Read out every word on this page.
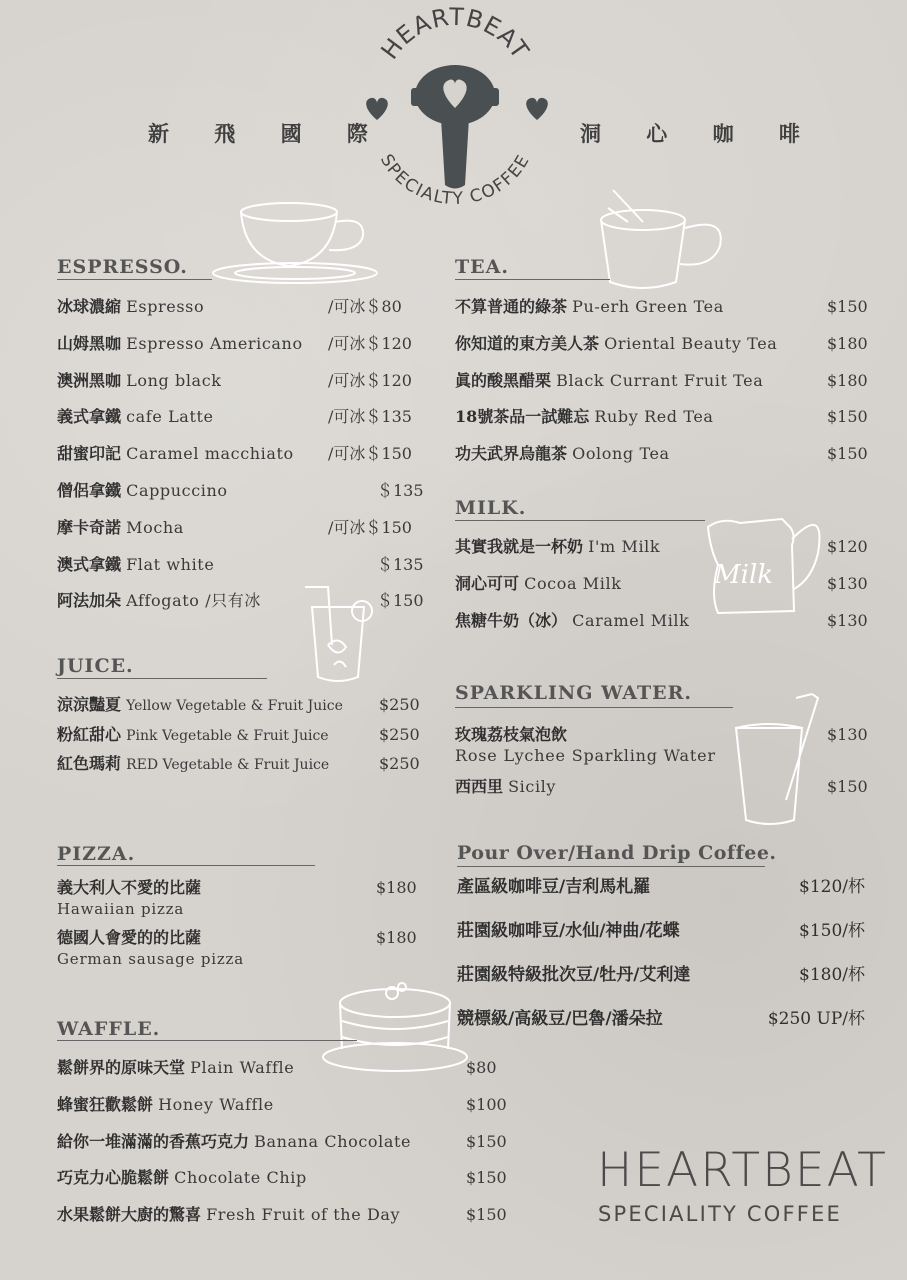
新 飛 國 際	洞 心 咖 啡
HEARTBEAT
SPECIALTY COFFEE
Milk
ESPRESSO.
冰球濃縮 Espresso	/可冰＄80
山姆黑咖 Espresso Americano /可冰＄120
澳洲黑咖 Long black	/可冰＄120
義式拿鐵 cafe Latte	/可冰＄135
甜蜜印記 Caramel macchiato /可冰＄150
僧侶拿鐵 Cappuccino	＄135
摩卡奇諾 Mocha	/可冰＄150
澳式拿鐵 Flat white	＄135
阿法加朵 Affogato /只有冰	＄150
JUICE.
涼涼豔夏 Yellow Vegetable & Fruit Juice $250
粉紅甜心 Pink Vegetable & Fruit Juice	$250
紅色瑪莉 RED Vegetable & Fruit Juice	$250
PIZZA.
義大利人不愛的比薩
Hawaiian pizza
$180
德國人會愛的的比薩
German sausage pizza
$180
WAFFLE.
鬆餅界的原味天堂 Plain Waffle	$80
蜂蜜狂歡鬆餅 Honey Waffle	$100
給你一堆滿滿的香蕉巧克力 Banana Chocolate	$150
巧克力心脆鬆餅 Chocolate Chip	$150
水果鬆餅大廚的驚喜 Fresh Fruit of the Day	$150
TEA.
不算普通的綠茶 Pu-erh Green Tea	$150
你知道的東方美人茶 Oriental Beauty Tea	$180
眞的酸黑醋栗 Black Currant Fruit Tea	$180
18號茶品一試難忘 Ruby Red Tea	$150
功夫武界烏龍茶 Oolong Tea	$150
MILK.
其實我就是一杯奶 I'm Milk	$120
洞心可可 Cocoa Milk	$130
焦糖牛奶（冰） Caramel Milk	$130
SPARKLING WATER.
玫瑰荔枝氣泡飲
Rose Lychee Sparkling Water
$130
西西里 Sicily	$150
Pour Over/Hand Drip Coffee.
產區級咖啡豆/吉利馬札羅	$120/杯
莊園級咖啡豆/水仙/神曲/花蝶	$150/杯
莊園級特級批次豆/牡丹/艾利達	$180/杯
競標級/高級豆/巴魯/潘朵拉	$250 UP/杯
HEARTBEAT
SPECIALITY COFFEE
